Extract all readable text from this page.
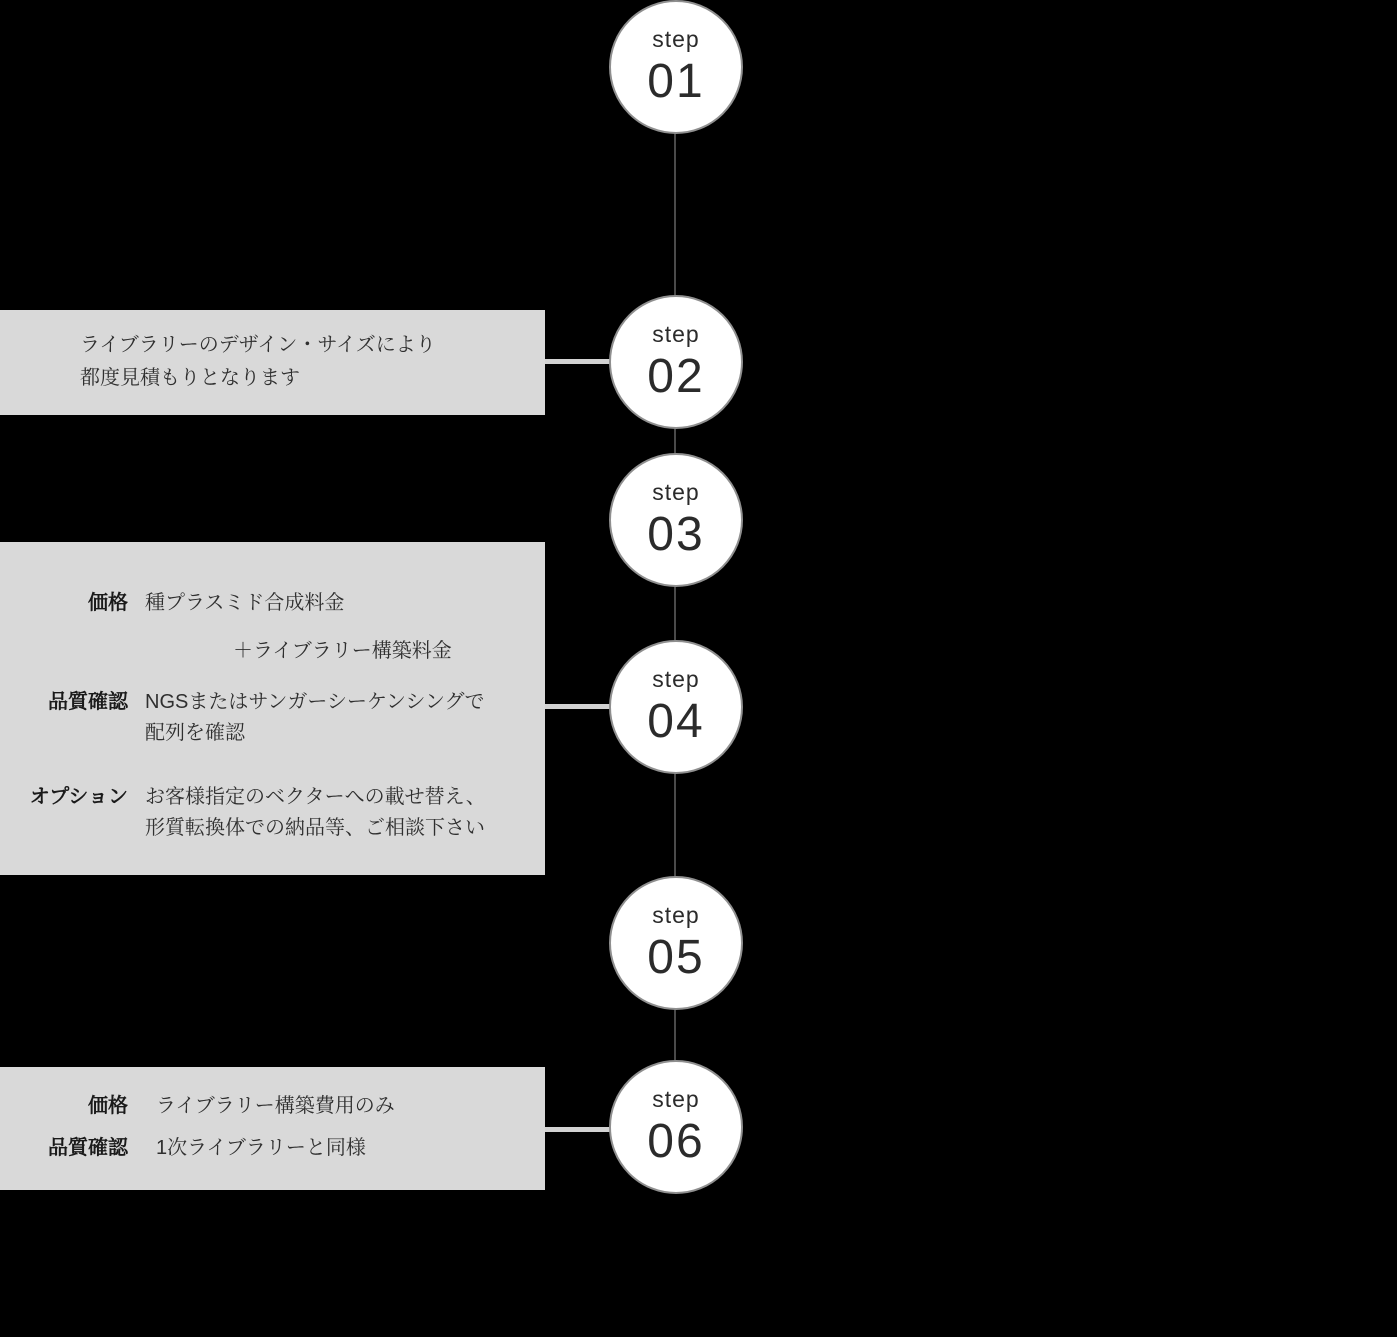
step
01
step
02
step
03
step
04
step
05
step
06

ライブラリーのデザイン・サイズにより

都度見積もりとなります

価格 種プラスミド合成料金

＋ライブラリー構築料金

品質確認 NGSまたはサンガーシーケンシングで

配列を確認

オプション お客様指定のベクターへの載せ替え、

形質転換体での納品等、ご相談下さい

価格 ライブラリー構築費用のみ

品質確認 1次ライブラリーと同様
